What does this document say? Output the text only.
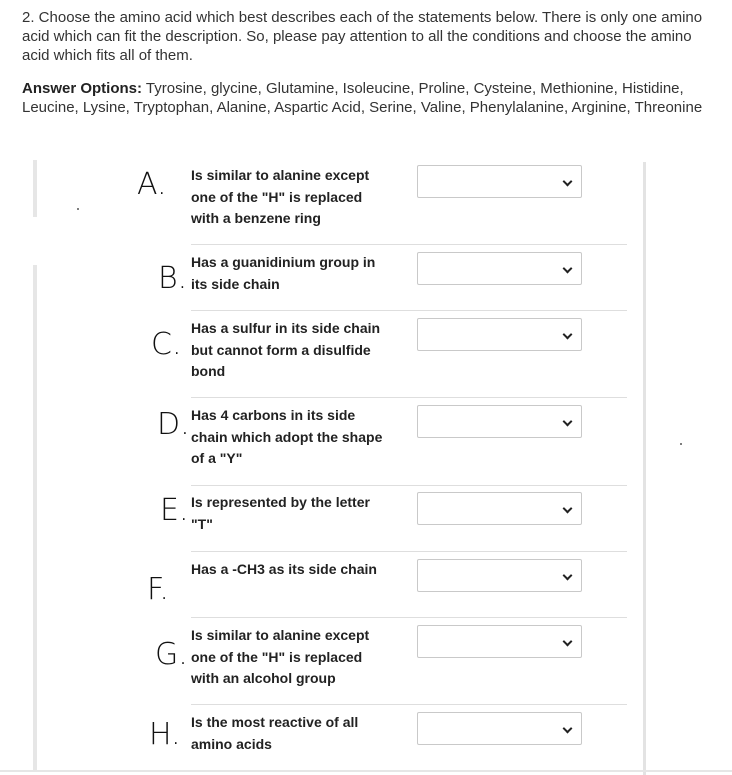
2. Choose the amino acid which best describes each of the statements below. There is only one amino acid which can fit the description. So, please pay attention to all the conditions and choose the amino acid which fits all of them.

Answer Options: Tyrosine, glycine, Glutamine, Isoleucine, Proline, Cysteine, Methionine, Histidine, Leucine, Lysine, Tryptophan, Alanine, Aspartic Acid, Serine, Valine, Phenylalanine, Arginine, Threonine

A. Is similar to alanine except one of the "H" is replaced with a benzene ring

B. Has a guanidinium group in its side chain

C. Has a sulfur in its side chain but cannot form a disulfide bond

D. Has 4 carbons in its side chain which adopt the shape of a "Y"

E. Is represented by the letter "T"

F.

Has a -CH3 as its side chain

G.

Is similar to alanine except one of the "H" is replaced with an alcohol group

H. Is the most reactive of all amino acids
